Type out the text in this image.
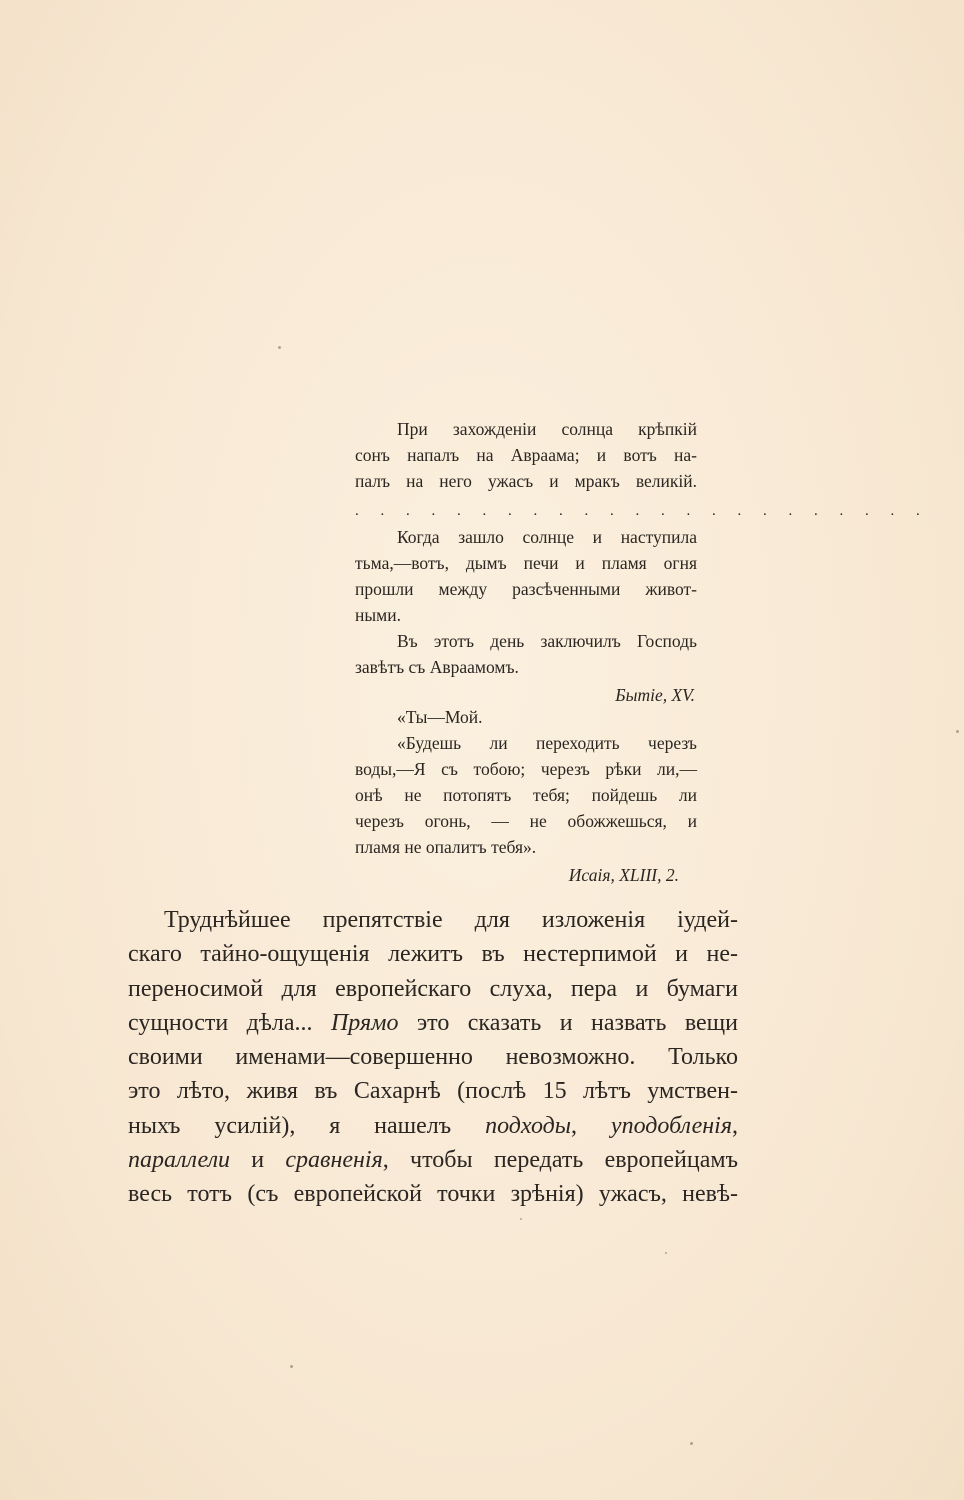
При захожденіи солнца крѣпкій
сонъ напалъ на Авраама; и вотъ на-
палъ на него ужасъ и мракъ великій.
. . . . . . . . . . . . . . . . . . . . . . .
Когда зашло солнце и наступила
тьма,—вотъ, дымъ печи и пламя огня
прошли между разсѣченными живот-
ными.
Въ этотъ день заключилъ Господь
завѣтъ съ Авраамомъ.
Бытіе, XV.
«Ты—Мой.
«Будешь ли переходить черезъ
воды,—Я съ тобою; черезъ рѣки ли,—
онѣ не потопятъ тебя; пойдешь ли
черезъ огонь, — не обожжешься, и
пламя не опалитъ тебя».
Исаія, XLIII, 2.
Труднѣйшее препятствіе для изложенія іудей-
скаго тайно-ощущенія лежитъ въ нестерпимой и не-
переносимой для европейскаго слуха, пера и бумаги
сущности дѣла... Прямо это сказать и назвать вещи
своими именами—совершенно невозможно. Только
это лѣто, живя въ Сахарнѣ (послѣ 15 лѣтъ умствен-
ныхъ усилій), я нашелъ подходы, уподобленія,
параллели и сравненія, чтобы передать европейцамъ
весь тотъ (съ европейской точки зрѣнія) ужасъ, невѣ-
